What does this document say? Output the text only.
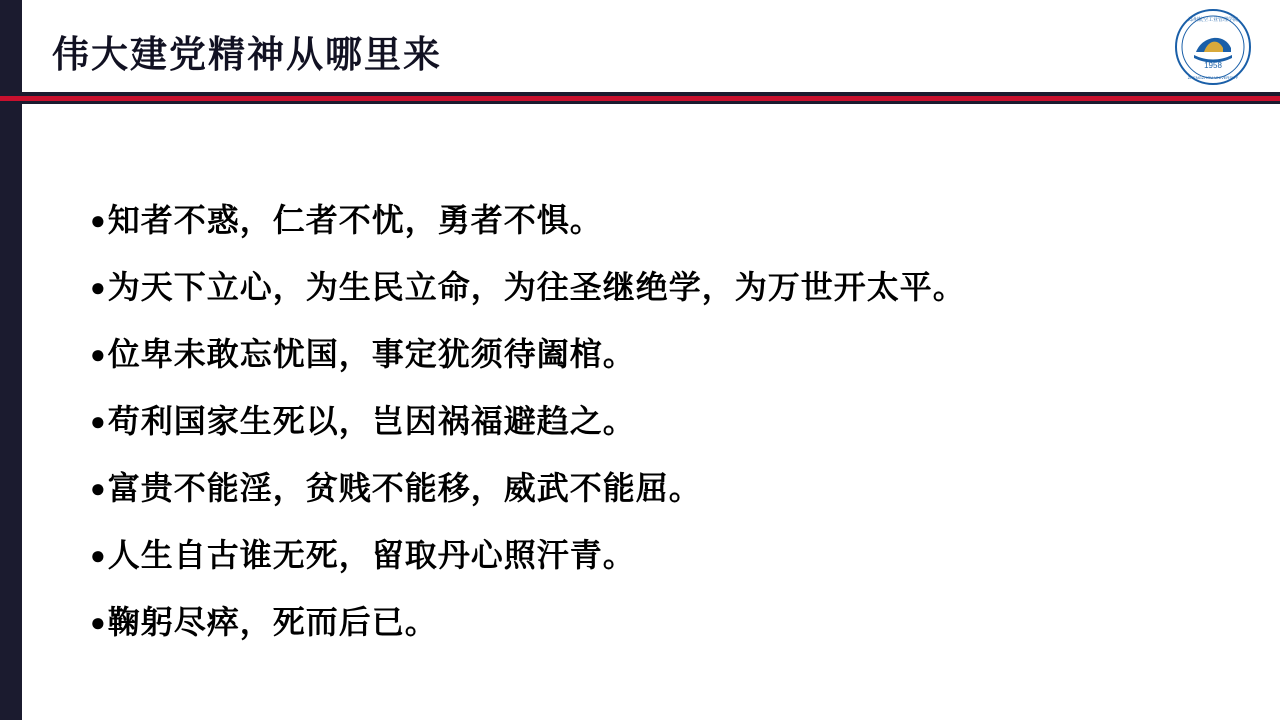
伟大建党精神从哪里来	1958
郑州航空工业管理学院
ZHENGZHOU UNIVERSITY
● 知者不惑，仁者不忧，勇者不惧。
● 为天下立心，为生民立命，为往圣继绝学，为万世开太平。
● 位卑未敢忘忧国，事定犹须待阖棺。
● 苟利国家生死以，岂因祸福避趋之。
● 富贵不能淫，贫贱不能移，威武不能屈。
● 人生自古谁无死，留取丹心照汗青。
● 鞠躬尽瘁，死而后已。
